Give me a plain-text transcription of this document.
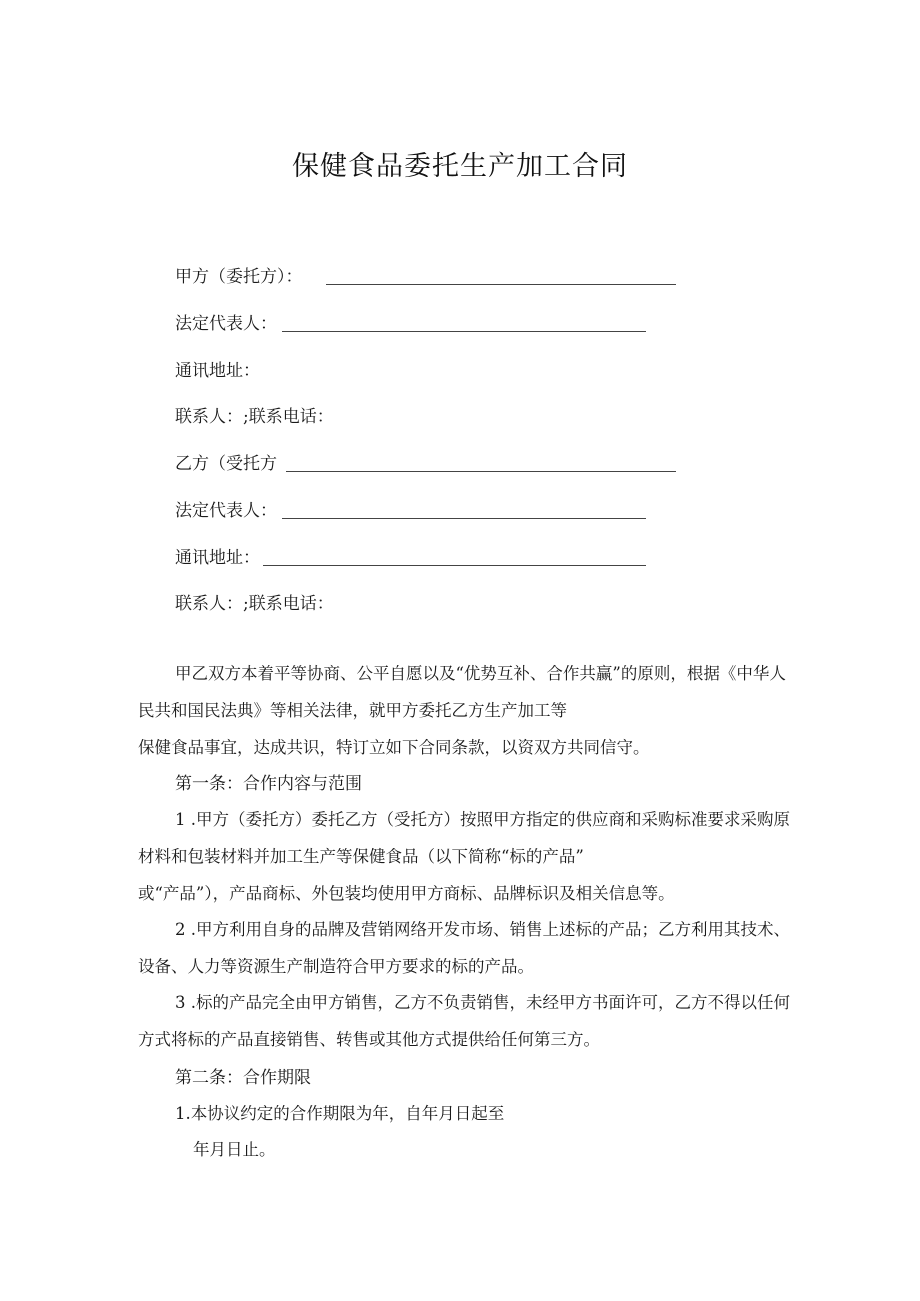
保健食品委托生产加工合同
甲方（委托方）：
法定代表人：
通讯地址：
联系人：;联系电话：
乙方（受托方
法定代表人：
通讯地址：
联系人：;联系电话：
甲乙双方本着平等协商、公平自愿以及“优势互补、合作共赢”的原则，根据《中华人
民共和国民法典》等相关法律，就甲方委托乙方生产加工等
保健食品事宜，达成共识，特订立如下合同条款，以资双方共同信守。
第一条：合作内容与范围
1 .甲方（委托方）委托乙方（受托方）按照甲方指定的供应商和采购标准要求采购原
材料和包装材料并加工生产等保健食品（以下简称“标的产品”
或“产品”），产品商标、外包装均使用甲方商标、品牌标识及相关信息等。
2 .甲方利用自身的品牌及营销网络开发市场、销售上述标的产品；乙方利用其技术、
设备、人力等资源生产制造符合甲方要求的标的产品。
3 .标的产品完全由甲方销售，乙方不负责销售，未经甲方书面许可，乙方不得以任何
方式将标的产品直接销售、转售或其他方式提供给任何第三方。
第二条：合作期限
1.本协议约定的合作期限为年，自年月日起至
年月日止。
